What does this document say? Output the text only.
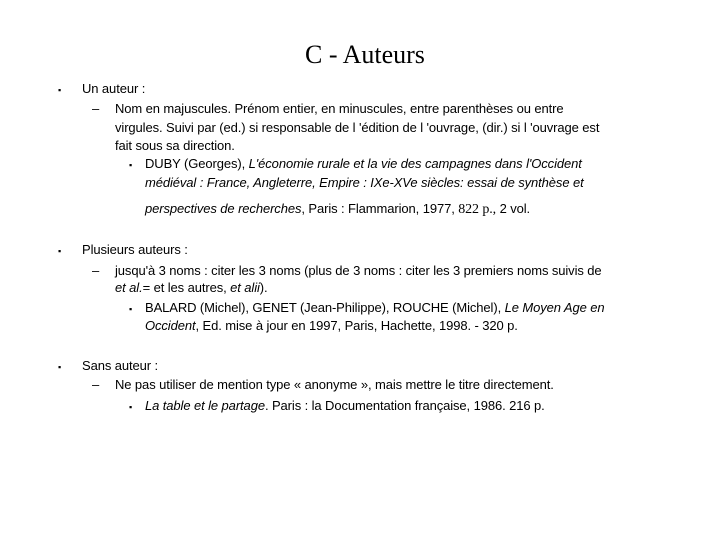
C - Auteurs
▪ Un auteur :
– Nom en majuscules. Prénom entier, en minuscules, entre parenthèses ou entre
virgules. Suivi par (ed.) si responsable de l 'édition de l 'ouvrage, (dir.) si l 'ouvrage est
fait sous sa direction.
▪ DUBY (Georges), L'économie rurale et la vie des campagnes dans l'Occident
médiéval : France, Angleterre, Empire : IXe-XVe siècles: essai de synthèse et
perspectives de recherches, Paris : Flammarion, 1977, 822 p., 2 vol.
▪ Plusieurs auteurs :
– jusqu'à 3 noms : citer les 3 noms (plus de 3 noms : citer les 3 premiers noms suivis de
et al.= et les autres, et alii).
▪ BALARD (Michel), GENET (Jean-Philippe), ROUCHE (Michel), Le Moyen Age en
Occident, Ed. mise à jour en 1997, Paris, Hachette, 1998. - 320 p.
▪ Sans auteur :
– Ne pas utiliser de mention type « anonyme », mais mettre le titre directement.
▪ La table et le partage. Paris : la Documentation française, 1986. 216 p.
